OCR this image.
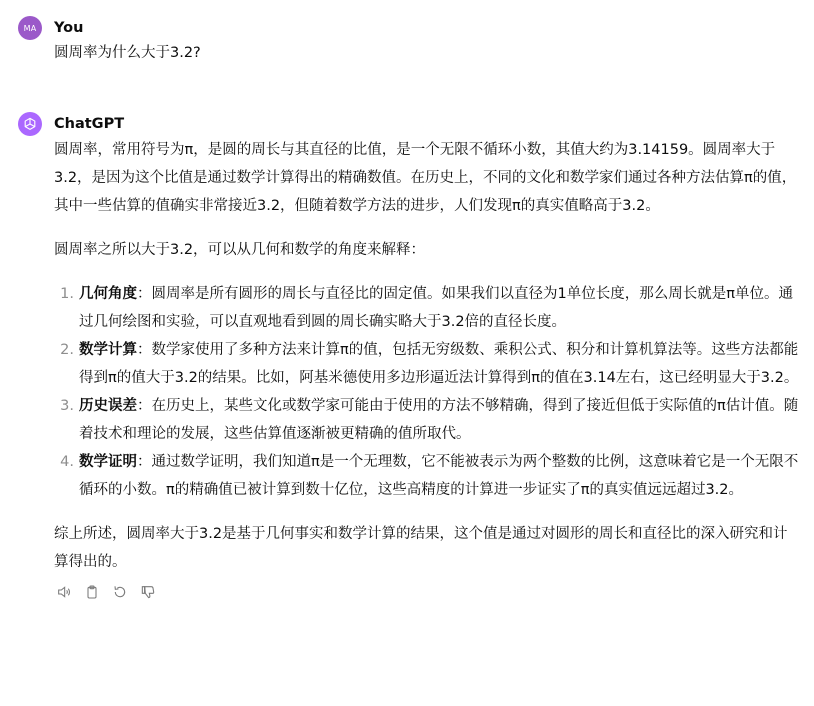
MA	You
圆周率为什么大于3.2?
ChatGPT

圆周率，常用符号为π，是圆的周长与其直径的比值，是一个无限不循环小数，其值大约为3.14159。圆周率大于3.2，是因为这个比值是通过数学计算得出的精确数值。在历史上，不同的文化和数学家们通过各种方法估算π的值，其中一些估算的值确实非常接近3.2，但随着数学方法的进步，人们发现π的真实值略高于3.2。

圆周率之所以大于3.2，可以从几何和数学的角度来解释：

1. 几何角度：圆周率是所有圆形的周长与直径比的固定值。如果我们以直径为1单位长度，那么周长就是π单位。通过几何绘图和实验，可以直观地看到圆的周长确实略大于3.2倍的直径长度。
2. 数学计算：数学家使用了多种方法来计算π的值，包括无穷级数、乘积公式、积分和计算机算法等。这些方法都能得到π的值大于3.2的结果。比如，阿基米德使用多边形逼近法计算得到π的值在3.14左右，这已经明显大于3.2。
3. 历史误差：在历史上，某些文化或数学家可能由于使用的方法不够精确，得到了接近但低于实际值的π估计值。随着技术和理论的发展，这些估算值逐渐被更精确的值所取代。
4. 数学证明：通过数学证明，我们知道π是一个无理数，它不能被表示为两个整数的比例，这意味着它是一个无限不循环的小数。π的精确值已被计算到数十亿位，这些高精度的计算进一步证实了π的真实值远远超过3.2。

综上所述，圆周率大于3.2是基于几何事实和数学计算的结果，这个值是通过对圆形的周长和直径比的深入研究和计算得出的。
